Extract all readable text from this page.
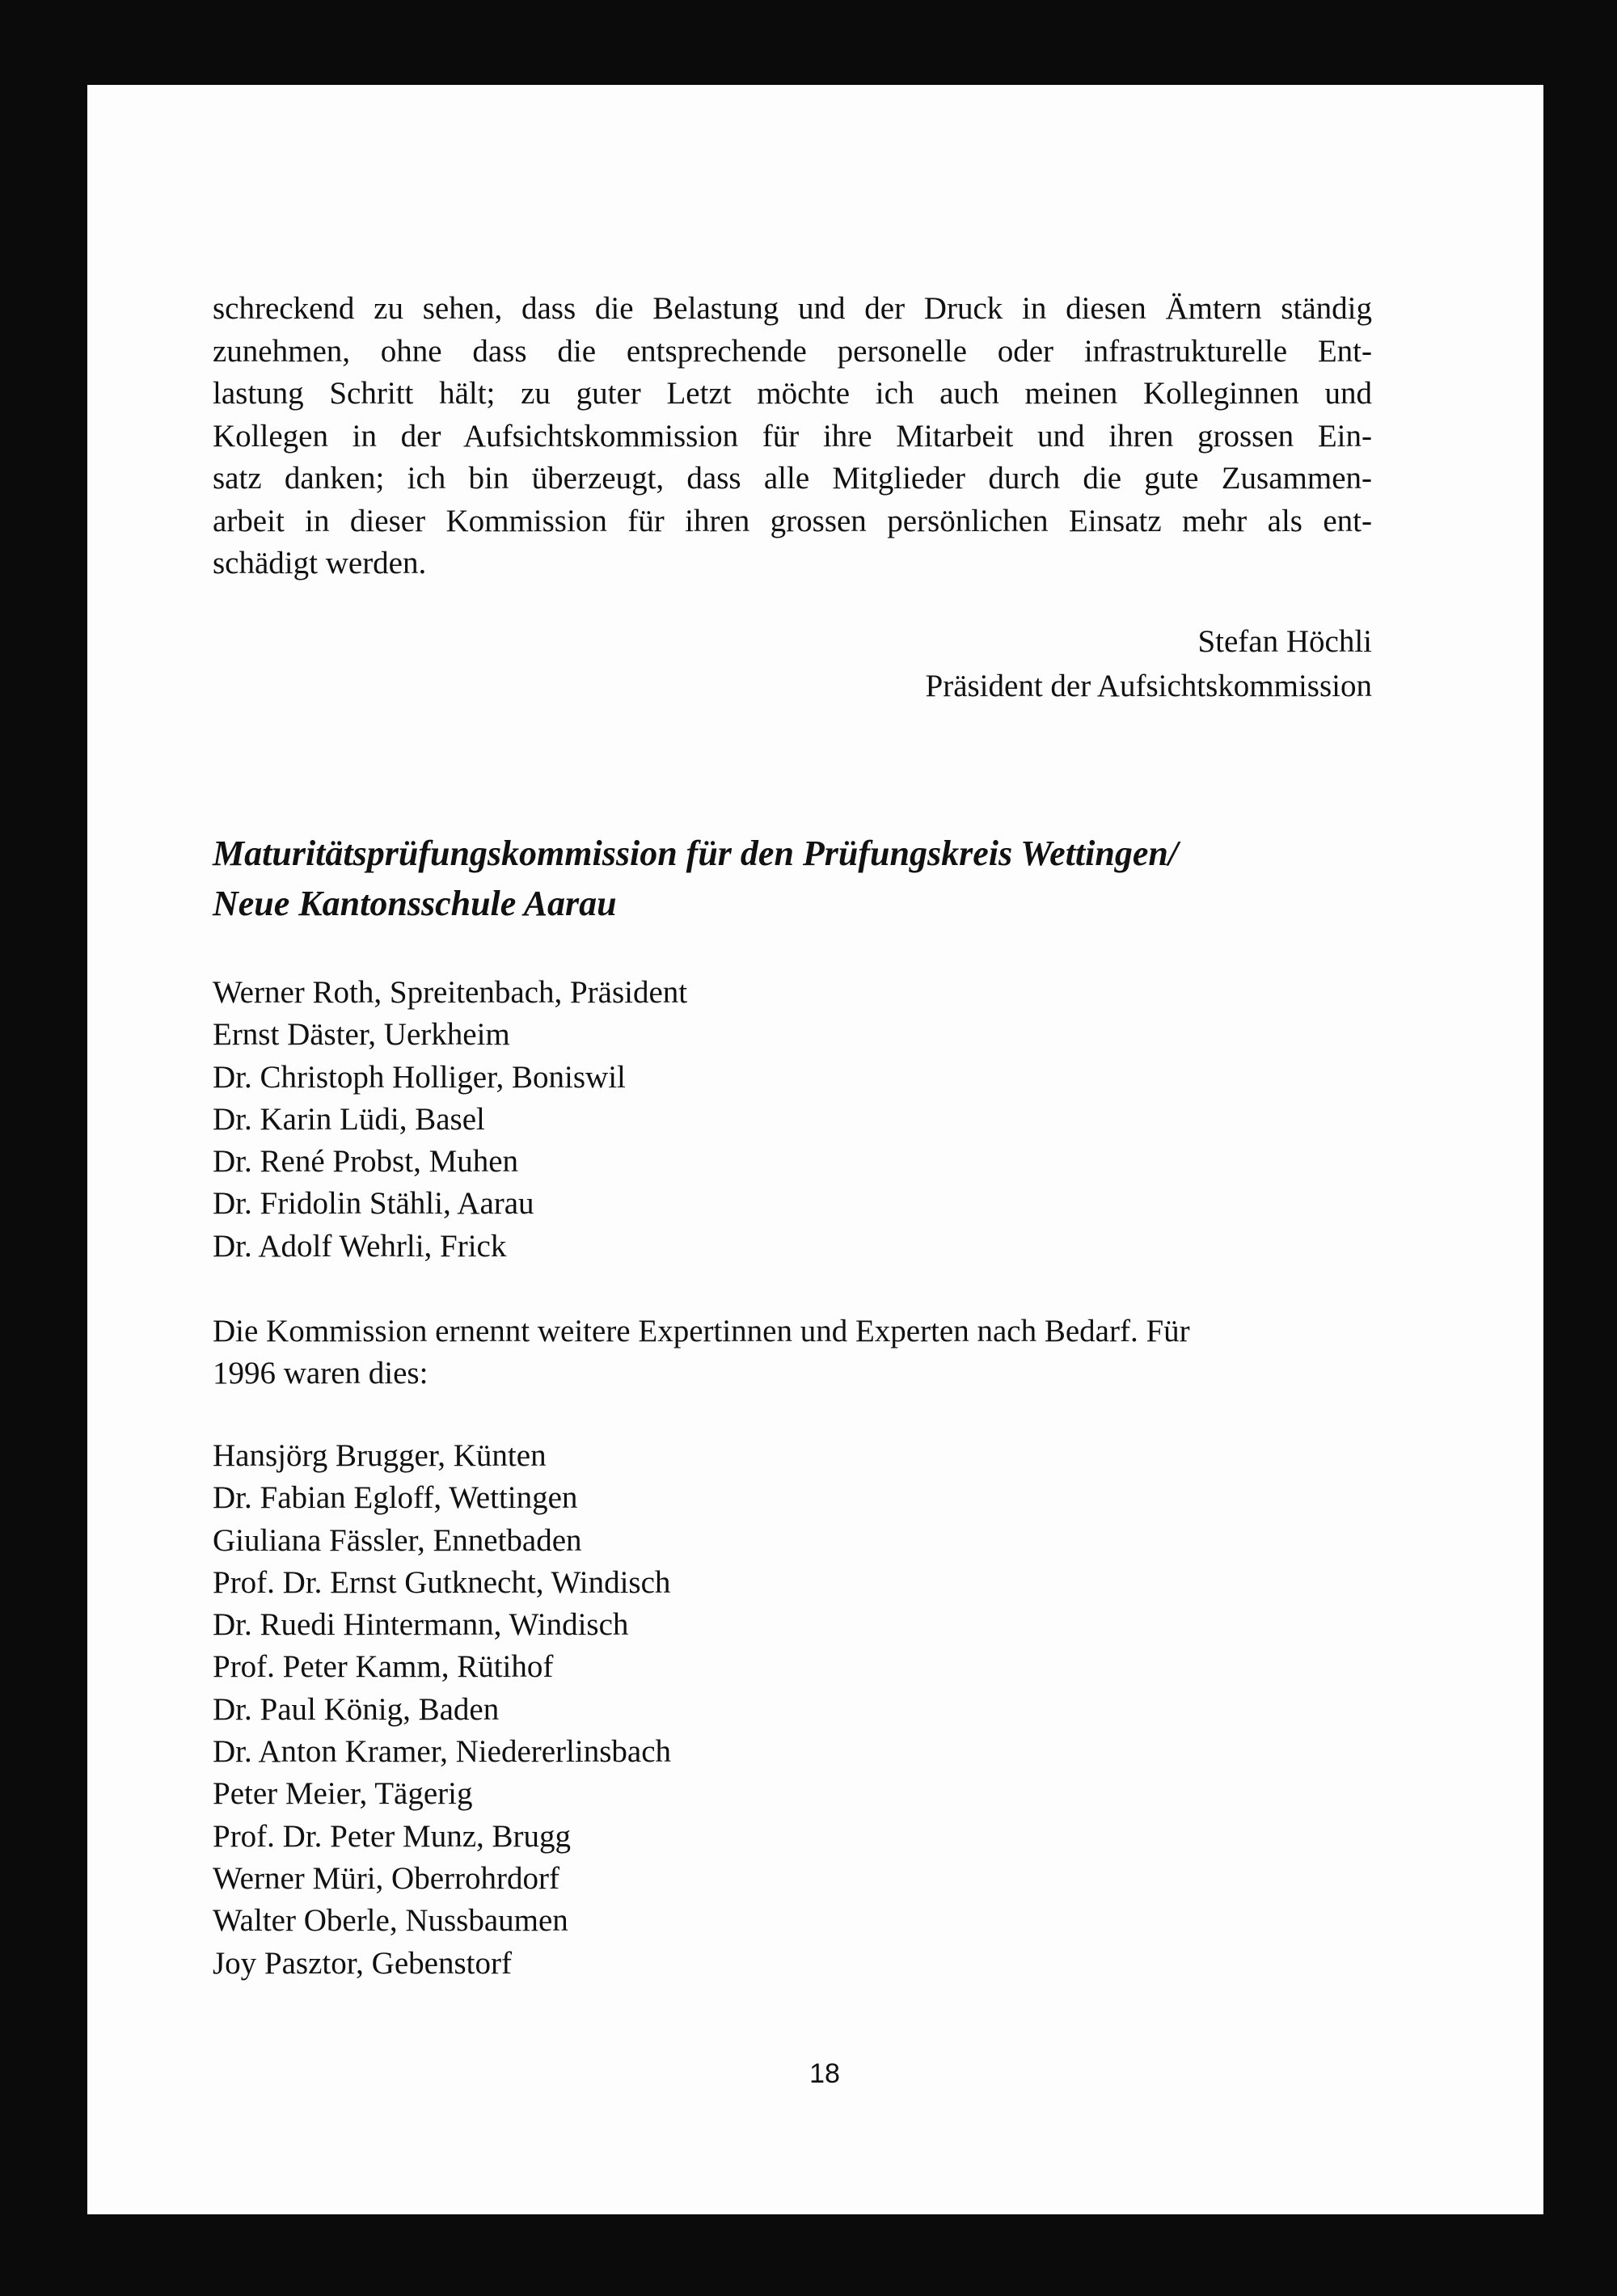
schreckend zu sehen, dass die Belastung und der Druck in diesen Ämtern ständig
zunehmen, ohne dass die entsprechende personelle oder infrastrukturelle Ent-
lastung Schritt hält; zu guter Letzt möchte ich auch meinen Kolleginnen und
Kollegen in der Aufsichtskommission für ihre Mitarbeit und ihren grossen Ein-
satz danken; ich bin überzeugt, dass alle Mitglieder durch die gute Zusammen-
arbeit in dieser Kommission für ihren grossen persönlichen Einsatz mehr als ent-
schädigt werden.
Stefan Höchli
Präsident der Aufsichtskommission
Maturitätsprüfungskommission für den Prüfungskreis Wettingen/
Neue Kantonsschule Aarau
Werner Roth, Spreitenbach, Präsident
Ernst Däster, Uerkheim
Dr. Christoph Holliger, Boniswil
Dr. Karin Lüdi, Basel
Dr. René Probst, Muhen
Dr. Fridolin Stähli, Aarau
Dr. Adolf Wehrli, Frick
Die Kommission ernennt weitere Expertinnen und Experten nach Bedarf. Für
1996 waren dies:
Hansjörg Brugger, Künten
Dr. Fabian Egloff, Wettingen
Giuliana Fässler, Ennetbaden
Prof. Dr. Ernst Gutknecht, Windisch
Dr. Ruedi Hintermann, Windisch
Prof. Peter Kamm, Rütihof
Dr. Paul König, Baden
Dr. Anton Kramer, Niedererlinsbach
Peter Meier, Tägerig
Prof. Dr. Peter Munz, Brugg
Werner Müri, Oberrohrdorf
Walter Oberle, Nussbaumen
Joy Pasztor, Gebenstorf
18
